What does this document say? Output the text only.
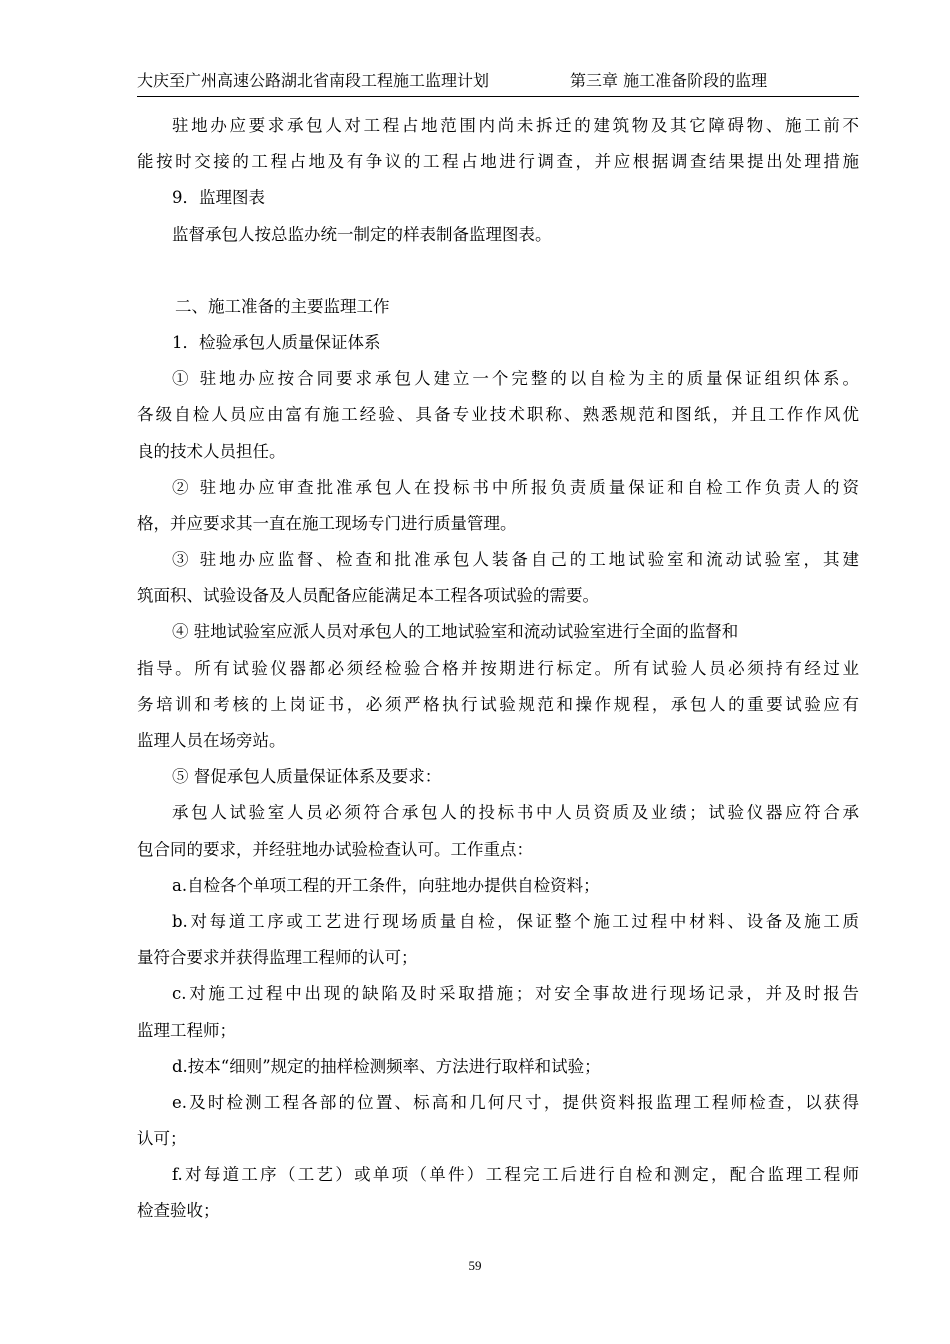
大庆至广州高速公路湖北省南段工程施工监理计划	第三章 施工准备阶段的监理
驻地办应要求承包人对工程占地范围内尚未拆迁的建筑物及其它障碍物、施工前不
能按时交接的工程占地及有争议的工程占地进行调查，并应根据调查结果提出处理措施
9．监理图表
监督承包人按总监办统一制定的样表制备监理图表。
二、施工准备的主要监理工作
1．检验承包人质量保证体系
① 驻地办应按合同要求承包人建立一个完整的以自检为主的质量保证组织体系。
各级自检人员应由富有施工经验、具备专业技术职称、熟悉规范和图纸，并且工作作风优
良的技术人员担任。
② 驻地办应审查批准承包人在投标书中所报负责质量保证和自检工作负责人的资
格，并应要求其一直在施工现场专门进行质量管理。
③ 驻地办应监督、检查和批准承包人装备自己的工地试验室和流动试验室，其建
筑面积、试验设备及人员配备应能满足本工程各项试验的需要。
④ 驻地试验室应派人员对承包人的工地试验室和流动试验室进行全面的监督和
指导。所有试验仪器都必须经检验合格并按期进行标定。所有试验人员必须持有经过业
务培训和考核的上岗证书，必须严格执行试验规范和操作规程，承包人的重要试验应有
监理人员在场旁站。
⑤ 督促承包人质量保证体系及要求：
承包人试验室人员必须符合承包人的投标书中人员资质及业绩；试验仪器应符合承
包合同的要求，并经驻地办试验检查认可。工作重点：
a.自检各个单项工程的开工条件，向驻地办提供自检资料；
b.对每道工序或工艺进行现场质量自检，保证整个施工过程中材料、设备及施工质
量符合要求并获得监理工程师的认可；
c.对施工过程中出现的缺陷及时采取措施；对安全事故进行现场记录，并及时报告
监理工程师；
d.按本“细则”规定的抽样检测频率、方法进行取样和试验；
e.及时检测工程各部的位置、标高和几何尺寸，提供资料报监理工程师检查，以获得
认可；
f.对每道工序（工艺）或单项（单件）工程完工后进行自检和测定，配合监理工程师
检查验收；
59
